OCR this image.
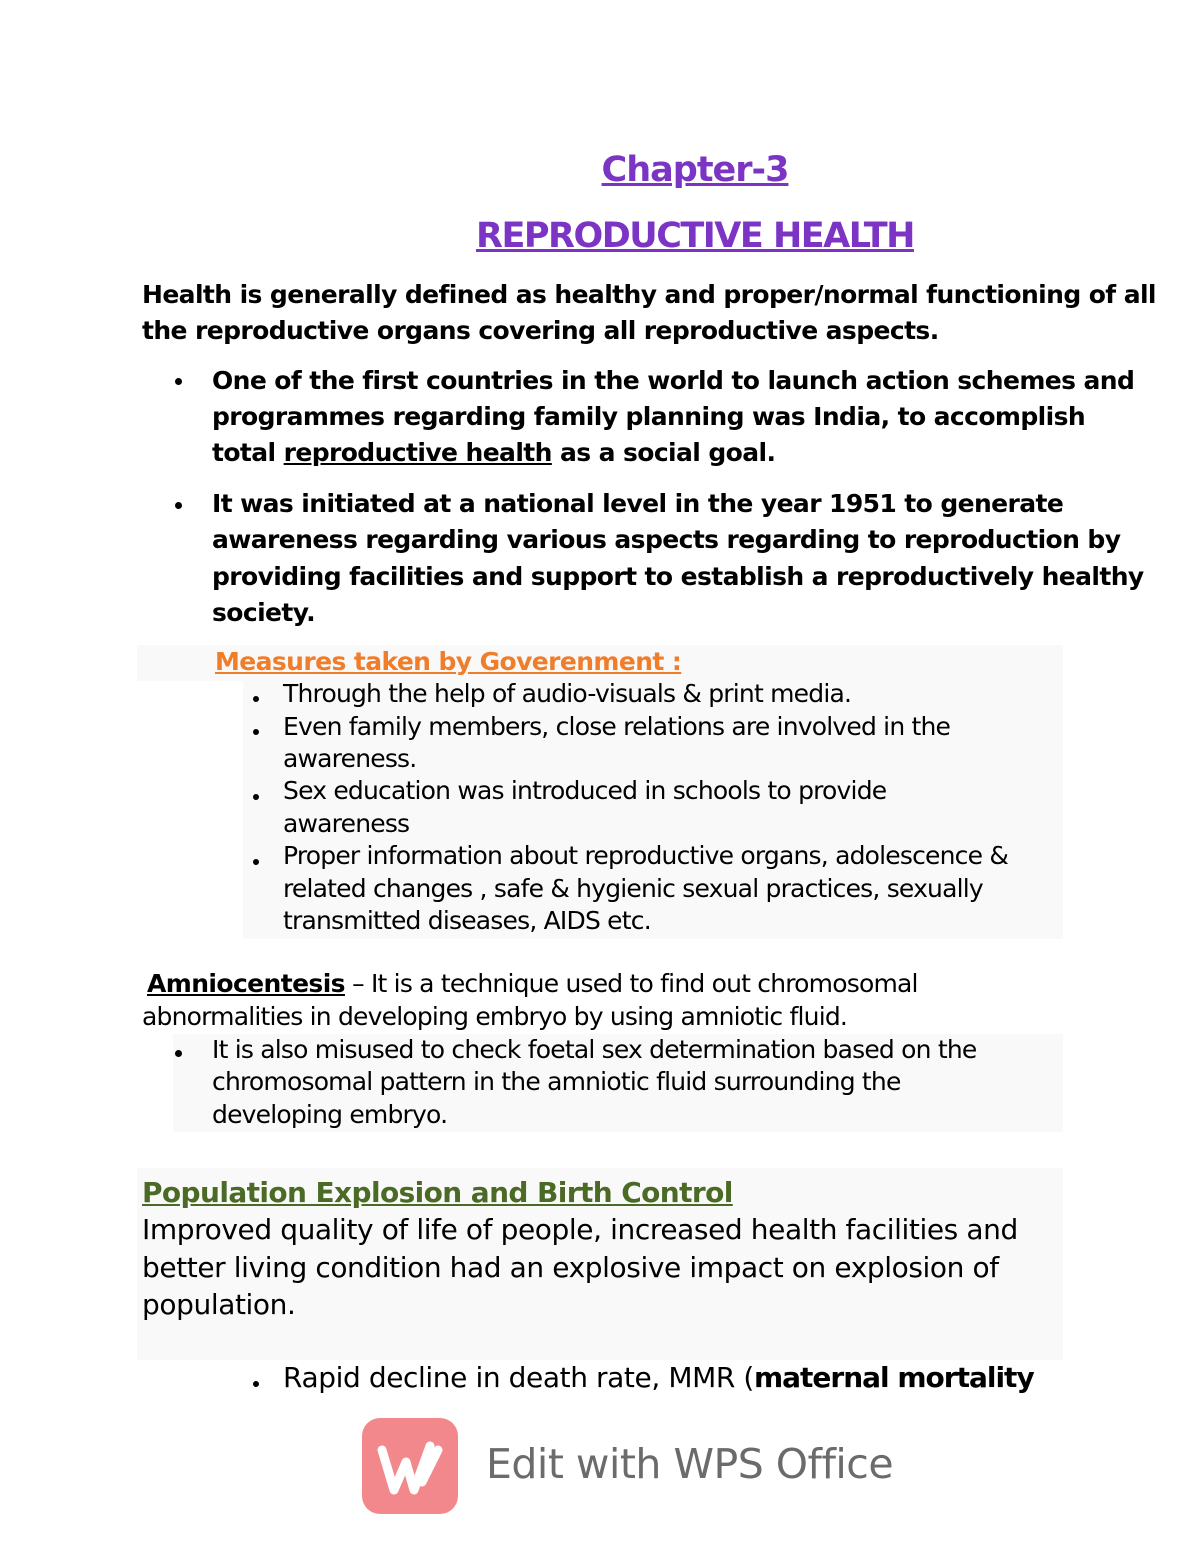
Chapter-3
REPRODUCTIVE HEALTH
Health is generally defined as healthy and proper/normal functioning of all
the reproductive organs covering all reproductive aspects.
One of the first countries in the world to launch action schemes and
programmes regarding family planning was India, to accomplish
total reproductive health as a social goal.
It was initiated at a national level in the year 1951 to generate
awareness regarding various aspects regarding to reproduction by
providing facilities and support to establish a reproductively healthy
society.
Measures taken by Goverenment :
Through the help of audio-visuals & print media.
Even family members, close relations are involved in the
awareness.
Sex education was introduced in schools to provide
awareness
Proper information about reproductive organs, adolescence &
related changes , safe & hygienic sexual practices, sexually
transmitted diseases, AIDS etc.
Amniocentesis – It is a technique used to find out chromosomal
abnormalities in developing embryo by using amniotic fluid.
It is also misused to check foetal sex determination based on the
chromosomal pattern in the amniotic fluid surrounding the
developing embryo.
Population Explosion and Birth Control
Improved quality of life of people, increased health facilities and
better living condition had an explosive impact on explosion of
population.
Rapid decline in death rate, MMR (maternal mortality
Edit with WPS Office
